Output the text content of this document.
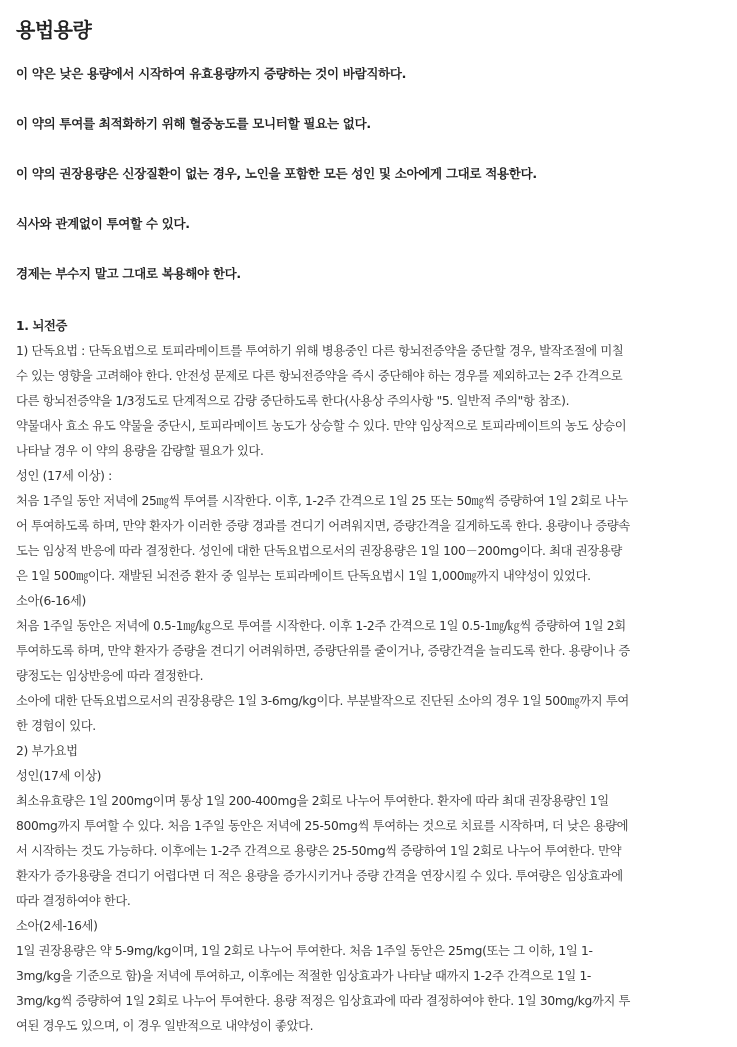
용법용량

이 약은 낮은 용량에서 시작하여 유효용량까지 증량하는 것이 바람직하다.

이 약의 투여를 최적화하기 위해 혈중농도를 모니터할 필요는 없다.

이 약의 권장용량은 신장질환이 없는 경우, 노인을 포함한 모든 성인 및 소아에게 그대로 적용한다.

식사와 관계없이 투여할 수 있다.

경제는 부수지 말고 그대로 복용해야 한다.

1. 뇌전증
1) 단독요법 : 단독요법으로 토피라메이트를 투여하기 위해 병용중인 다른 항뇌전증약을 중단할 경우, 발작조절에 미칠
수 있는 영향을 고려해야 한다. 안전성 문제로 다른 항뇌전증약을 즉시 중단해야 하는 경우를 제외하고는 2주 간격으로
다른 항뇌전증약을 1/3정도로 단계적으로 감량 중단하도록 한다(사용상 주의사항 "5. 일반적 주의"항 참조).
약물대사 효소 유도 약물을 중단시, 토피라메이트 농도가 상승할 수 있다. 만약 임상적으로 토피라메이트의 농도 상승이
나타날 경우 이 약의 용량을 감량할 필요가 있다.
성인 (17세 이상) :
처음 1주일 동안 저녁에 25㎎씩 투여를 시작한다. 이후, 1-2주 간격으로 1일 25 또는 50㎎씩 증량하여 1일 2회로 나누
어 투여하도록 하며, 만약 환자가 이러한 증량 경과를 견디기 어려워지면, 증량간격을 길게하도록 한다. 용량이나 증량속
도는 임상적 반응에 따라 결정한다. 성인에 대한 단독요법으로서의 권장용량은 1일 100－200mg이다. 최대 권장용량
은 1일 500㎎이다. 재발된 뇌전증 환자 중 일부는 토피라메이트 단독요법시 1일 1,000㎎까지 내약성이 있었다.
소아(6-16세)
처음 1주일 동안은 저녁에 0.5-1㎎/㎏으로 투여를 시작한다. 이후 1-2주 간격으로 1일 0.5-1㎎/㎏씩 증량하여 1일 2회
투여하도록 하며, 만약 환자가 증량을 견디기 어려워하면, 증량단위를 줄이거나, 증량간격을 늘리도록 한다. 용량이나 증
량정도는 임상반응에 따라 결정한다.
소아에 대한 단독요법으로서의 권장용량은 1일 3-6mg/kg이다. 부분발작으로 진단된 소아의 경우 1일 500㎎까지 투여
한 경험이 있다.
2) 부가요법
성인(17세 이상)
최소유효량은 1일 200mg이며 통상 1일 200-400mg을 2회로 나누어 투여한다. 환자에 따라 최대 권장용량인 1일
800mg까지 투여할 수 있다. 처음 1주일 동안은 저녁에 25-50mg씩 투여하는 것으로 치료를 시작하며, 더 낮은 용량에
서 시작하는 것도 가능하다. 이후에는 1-2주 간격으로 용량은 25-50mg씩 증량하여 1일 2회로 나누어 투여한다. 만약
환자가 증가용량을 견디기 어렵다면 더 적은 용량을 증가시키거나 증량 간격을 연장시킬 수 있다. 투여량은 임상효과에
따라 결정하여야 한다.
소아(2세-16세)
1일 권장용량은 약 5-9mg/kg이며, 1일 2회로 나누어 투여한다. 처음 1주일 동안은 25mg(또는 그 이하, 1일 1-
3mg/kg을 기준으로 함)을 저녁에 투여하고, 이후에는 적절한 임상효과가 나타날 때까지 1-2주 간격으로 1일 1-
3mg/kg씩 증량하여 1일 2회로 나누어 투여한다. 용량 적정은 임상효과에 따라 결정하여야 한다. 1일 30mg/kg까지 투
여된 경우도 있으며, 이 경우 일반적으로 내약성이 좋았다.
